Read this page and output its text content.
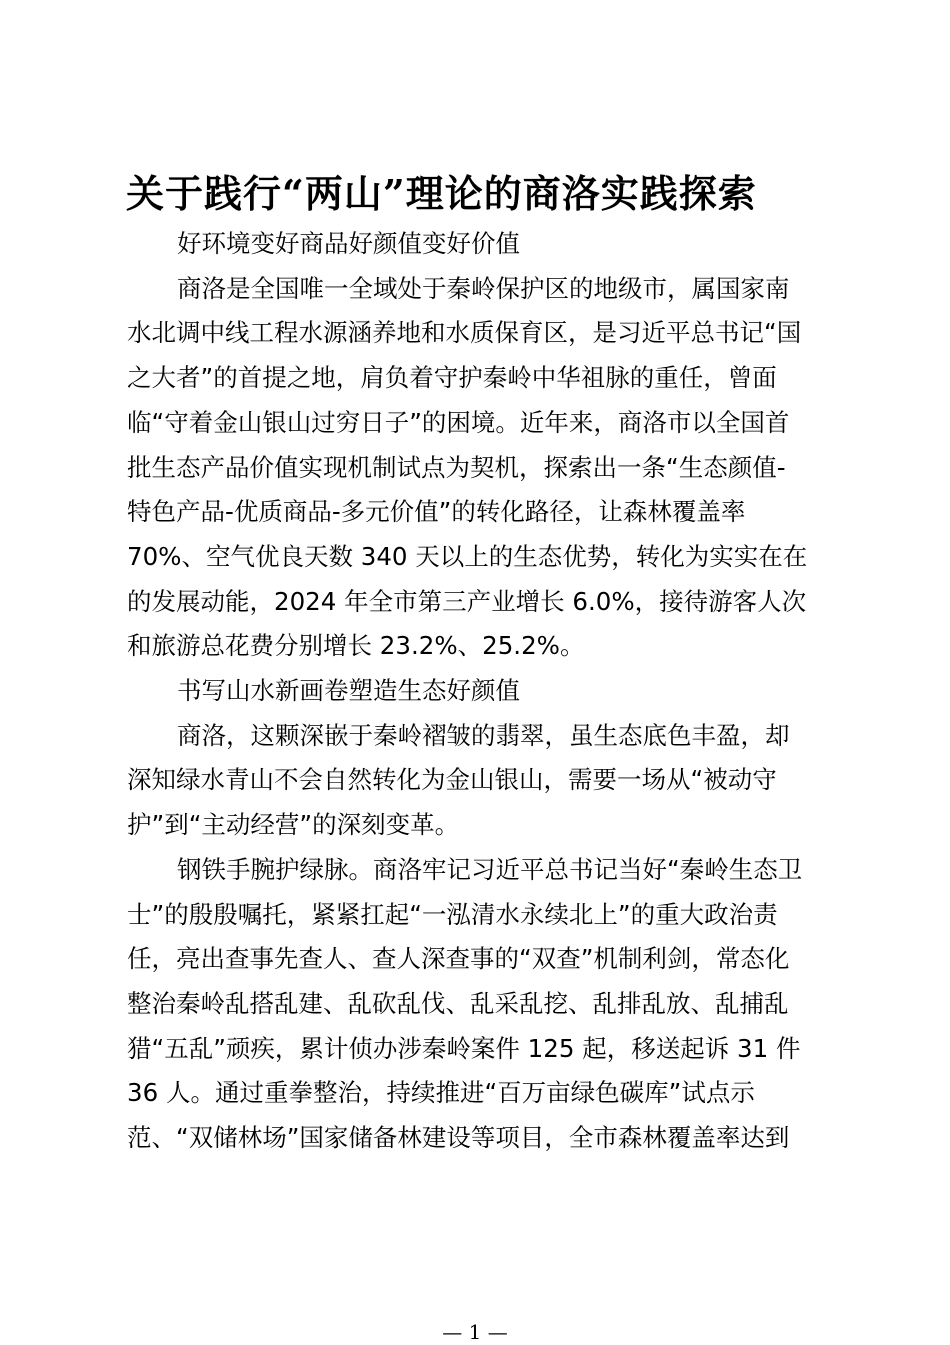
关于践行“两山”理论的商洛实践探索

好环境变好商品好颜值变好价值

商洛是全国唯一全域处于秦岭保护区的地级市，属国家南
水北调中线工程水源涵养地和水质保育区，是习近平总书记“国
之大者”的首提之地，肩负着守护秦岭中华祖脉的重任，曾面
临“守着金山银山过穷日子”的困境。近年来，商洛市以全国首
批生态产品价值实现机制试点为契机，探索出一条“生态颜值-
特色产品-优质商品-多元价值”的转化路径，让森林覆盖率
70%、空气优良天数 340 天以上的生态优势，转化为实实在在
的发展动能，2024 年全市第三产业增长 6.0%，接待游客人次
和旅游总花费分别增长 23.2%、25.2%。

书写山水新画卷塑造生态好颜值

商洛，这颗深嵌于秦岭褶皱的翡翠，虽生态底色丰盈，却
深知绿水青山不会自然转化为金山银山，需要一场从“被动守
护”到“主动经营”的深刻变革。

钢铁手腕护绿脉。商洛牢记习近平总书记当好“秦岭生态卫
士”的殷殷嘱托，紧紧扛起“一泓清水永续北上”的重大政治责
任，亮出查事先查人、查人深查事的“双查”机制利剑，常态化
整治秦岭乱搭乱建、乱砍乱伐、乱采乱挖、乱排乱放、乱捕乱
猎“五乱”顽疾，累计侦办涉秦岭案件 125 起，移送起诉 31 件
36 人。通过重拳整治，持续推进“百万亩绿色碳库”试点示
范、“双储林场”国家储备林建设等项目，全市森林覆盖率达到

— 1 —
